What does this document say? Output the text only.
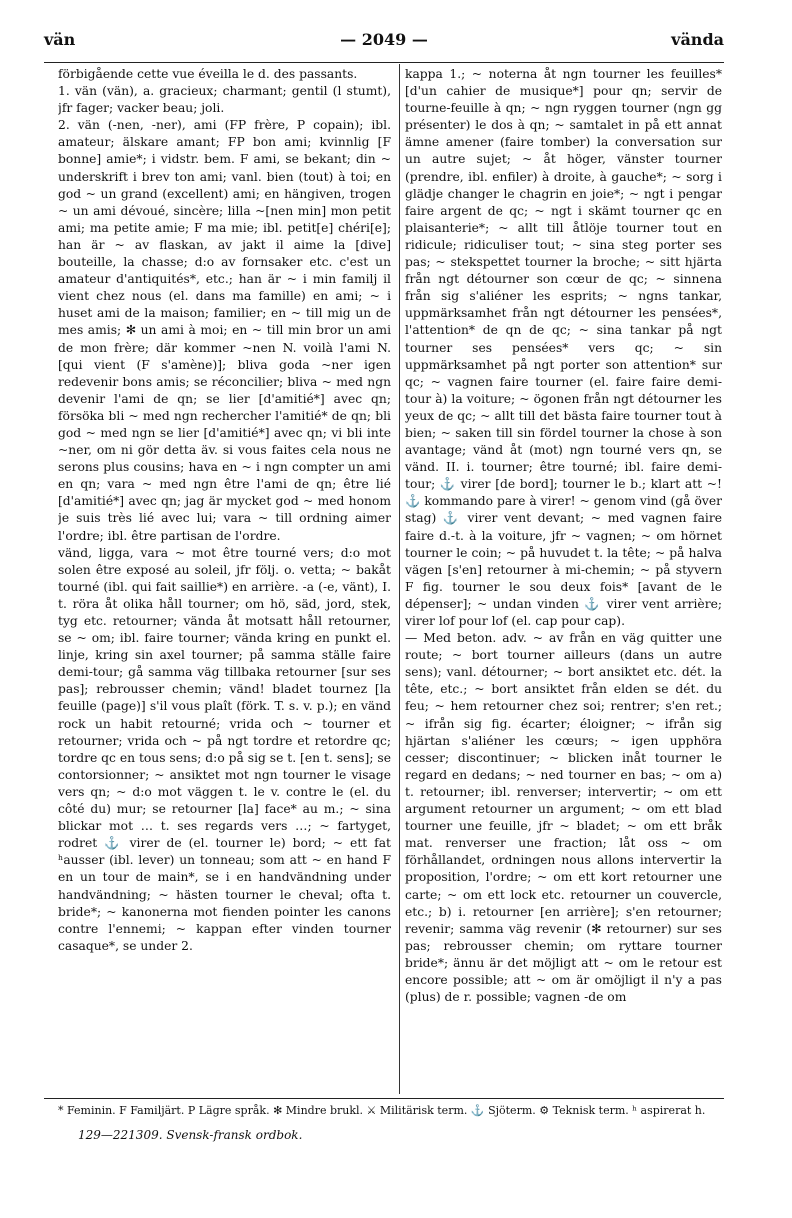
vän	— 2049 —	vända

förbigående cette vue éveilla le d. des passants.

1. vän (vän), a. gracieux; charmant; gentil (l stumt), jfr fager; vacker beau; joli.

2. vän (-nen, -ner), ami (FP frère, P copain); ibl. amateur; älskare amant; FP bon ami; kvinnlig [F bonne] amie*; i vidstr. bem. F ami, se bekant; din ~ underskrift i brev ton ami; vanl. bien (tout) à toi; en god ~ un grand (excellent) ami; en hängiven, trogen ~ un ami dévoué, sincère; lilla ~[nen min] mon petit ami; ma petite amie; F ma mie; ibl. petit[e] chéri[e]; han är ~ av flaskan, av jakt il aime la [dive] bouteille, la chasse; d:o av fornsaker etc. c'est un amateur d'antiquités*, etc.; han är ~ i min familj il vient chez nous (el. dans ma famille) en ami; ~ i huset ami de la maison; familier; en ~ till mig un de mes amis; ✻ un ami à moi; en ~ till min bror un ami de mon frère; där kommer ~nen N. voilà l'ami N. [qui vient (F s'amène)]; bliva goda ~ner igen redevenir bons amis; se réconcilier; bliva ~ med ngn devenir l'ami de qn; se lier [d'amitié*] avec qn; försöka bli ~ med ngn rechercher l'amitié* de qn; bli god ~ med ngn se lier [d'amitié*] avec qn; vi bli inte ~ner, om ni gör detta äv. si vous faites cela nous ne serons plus cousins; hava en ~ i ngn compter un ami en qn; vara ~ med ngn être l'ami de qn; être lié [d'amitié*] avec qn; jag är mycket god ~ med honom je suis très lié avec lui; vara ~ till ordning aimer l'ordre; ibl. être partisan de l'ordre.

vänd, ligga, vara ~ mot être tourné vers; d:o mot solen être exposé au soleil, jfr följ. o. vetta; ~ bakåt tourné (ibl. qui fait saillie*) en arrière. -a (-e, vänt), I. t. röra åt olika håll tourner; om hö, säd, jord, stek, tyg etc. retourner; vända åt motsatt håll retourner, se ~ om; ibl. faire tourner; vända kring en punkt el. linje, kring sin axel tourner; på samma ställe faire demi-tour; gå samma väg tillbaka retourner [sur ses pas]; rebrousser chemin; vänd! bladet tournez [la feuille (page)] s'il vous plaît (förk. T. s. v. p.); en vänd rock un habit retourné; vrida och ~ tourner et retourner; vrida och ~ på ngt tordre et retordre qc; tordre qc en tous sens; d:o på sig se t. [en t. sens]; se contorsionner; ~ ansiktet mot ngn tourner le visage vers qn; ~ d:o mot väggen t. le v. contre le (el. du côté du) mur; se retourner [la] face* au m.; ~ sina blickar mot … t. ses regards vers …; ~ fartyget, rodret ⚓ virer de (el. tourner le) bord; ~ ett fat ʰausser (ibl. lever) un tonneau; som att ~ en hand F en un tour de main*, se i en handvändning under handvändning; ~ hästen tourner le cheval; ofta t. bride*; ~ kanonerna mot fienden pointer les canons contre l'ennemi; ~ kappan efter vinden tourner casaque*, se under 2.

kappa 1.; ~ noterna åt ngn tourner les feuilles* [d'un cahier de musique*] pour qn; servir de tourne-feuille à qn; ~ ngn ryggen tourner (ngn gg présenter) le dos à qn; ~ samtalet in på ett annat ämne amener (faire tomber) la conversation sur un autre sujet; ~ åt höger, vänster tourner (prendre, ibl. enfiler) à droite, à gauche*; ~ sorg i glädje changer le chagrin en joie*; ~ ngt i pengar faire argent de qc; ~ ngt i skämt tourner qc en plaisanterie*; ~ allt till åtlöje tourner tout en ridicule; ridiculiser tout; ~ sina steg porter ses pas; ~ stekspettet tourner la broche; ~ sitt hjärta från ngt détourner son cœur de qc; ~ sinnena från sig s'aliéner les esprits; ~ ngns tankar, uppmärksamhet från ngt détourner les pensées*, l'attention* de qn de qc; ~ sina tankar på ngt tourner ses pensées* vers qc; ~ sin uppmärksamhet på ngt porter son attention* sur qc; ~ vagnen faire tourner (el. faire faire demi-tour à) la voiture; ~ ögonen från ngt détourner les yeux de qc; ~ allt till det bästa faire tourner tout à bien; ~ saken till sin fördel tourner la chose à son avantage; vänd åt (mot) ngn tourné vers qn, se vänd. II. i. tourner; être tourné; ibl. faire demi-tour; ⚓ virer [de bord]; tourner le b.; klart att ~! ⚓ kommando pare à virer! ~ genom vind (gå över stag) ⚓ virer vent devant; ~ med vagnen faire faire d.-t. à la voiture, jfr ~ vagnen; ~ om hörnet tourner le coin; ~ på huvudet t. la tête; ~ på halva vägen [s'en] retourner à mi-chemin; ~ på styvern F fig. tourner le sou deux fois* [avant de le dépenser]; ~ undan vinden ⚓ virer vent arrière; virer lof pour lof (el. cap pour cap).

— Med beton. adv. ~ av från en väg quitter une route; ~ bort tourner ailleurs (dans un autre sens); vanl. détourner; ~ bort ansiktet etc. dét. la tête, etc.; ~ bort ansiktet från elden se dét. du feu; ~ hem retourner chez soi; rentrer; s'en ret.; ~ ifrån sig fig. écarter; éloigner; ~ ifrån sig hjärtan s'aliéner les cœurs; ~ igen upphöra cesser; discontinuer; ~ blicken inåt tourner le regard en dedans; ~ ned tourner en bas; ~ om a) t. retourner; ibl. renverser; intervertir; ~ om ett argument retourner un argument; ~ om ett blad tourner une feuille, jfr ~ bladet; ~ om ett bråk mat. renverser une fraction; låt oss ~ om förhållandet, ordningen nous allons intervertir la proposition, l'ordre; ~ om ett kort retourner une carte; ~ om ett lock etc. retourner un couvercle, etc.; b) i. retourner [en arrière]; s'en retourner; revenir; samma väg revenir (✻ retourner) sur ses pas; rebrousser chemin; om ryttare tourner bride*; ännu är det möjligt att ~ om le retour est encore possible; att ~ om är omöjligt il n'y a pas (plus) de r. possible; vagnen -de om

* Feminin. F Familjärt. P Lägre språk. ✻ Mindre brukl. ⚔ Militärisk term. ⚓ Sjöterm. ⚙ Teknisk term. ʰ aspirerat h.
129—221309. Svensk-fransk ordbok.
